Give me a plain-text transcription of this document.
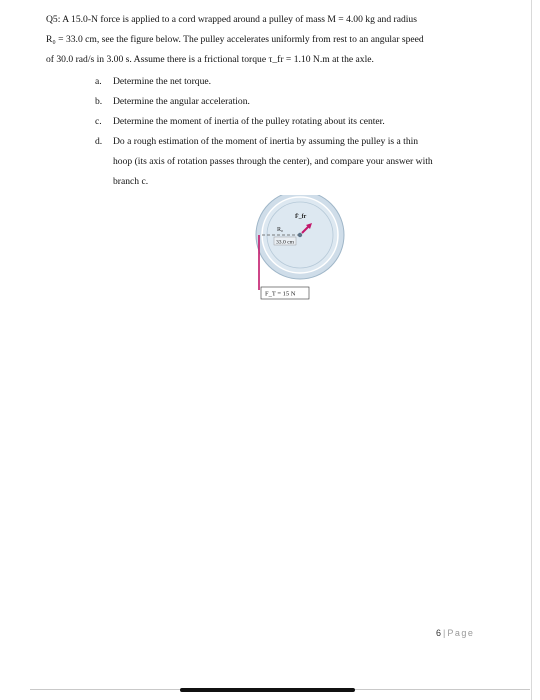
Q5: A 15.0-N force is applied to a cord wrapped around a pulley of mass M = 4.00 kg and radius
R₀ = 33.0 cm, see the figure below. The pulley accelerates uniformly from rest to an angular speed
of 30.0 rad/s in 3.00 s. Assume there is a frictional torque τ_fr = 1.10 N.m at the axle.

a. Determine the net torque.
b. Determine the angular acceleration.
c. Determine the moment of inertia of the pulley rotating about its center.
d. Do a rough estimation of the moment of inertia by assuming the pulley is a thin
hoop (its axis of rotation passes through the center), and compare your answer with
branch c.
F̄_fr
R₀
33.0 cm
F_T = 15 N
6 | Page
